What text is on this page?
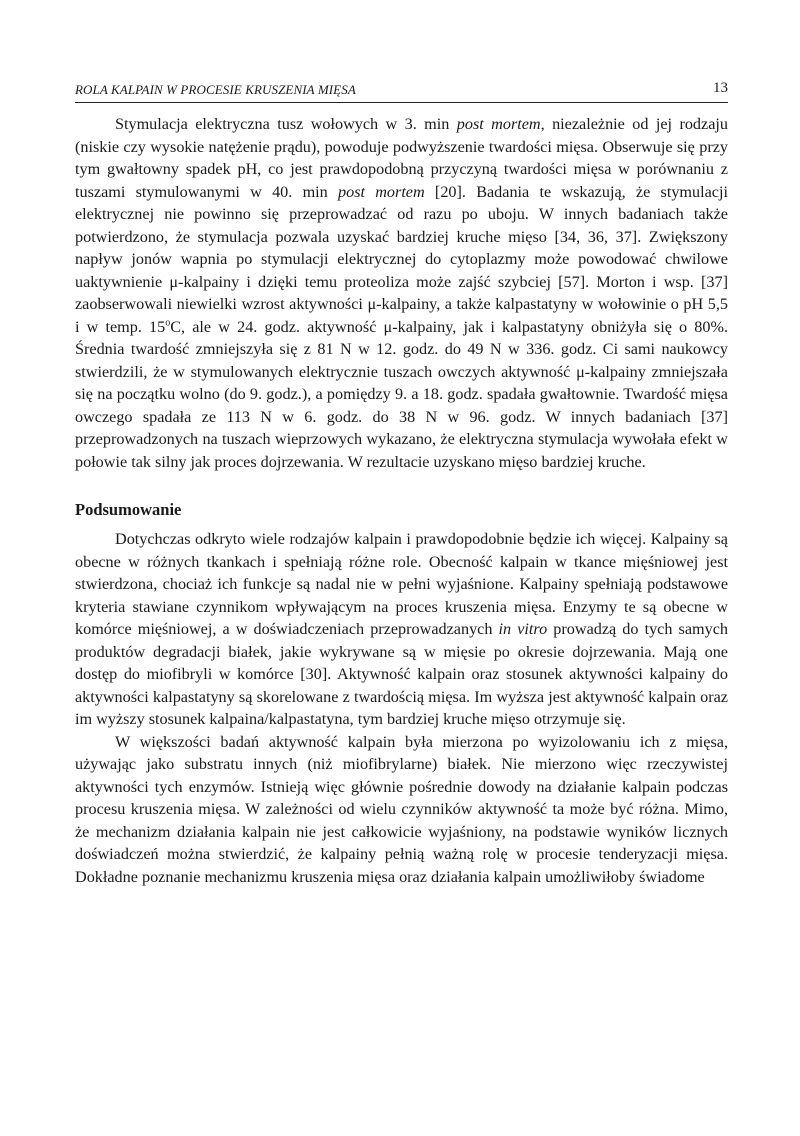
ROLA KALPAIN W PROCESIE KRUSZENIA MIĘSA	13

Stymulacja elektryczna tusz wołowych w 3. min post mortem, niezależnie od jej rodzaju (niskie czy wysokie natężenie prądu), powoduje podwyższenie twardości mięsa. Obserwuje się przy tym gwałtowny spadek pH, co jest prawdopodobną przyczyną twardości mięsa w porównaniu z tuszami stymulowanymi w 40. min post mortem [20]. Badania te wskazują, że stymulacji elektrycznej nie powinno się przeprowadzać od razu po uboju. W innych badaniach także potwierdzono, że stymulacja pozwala uzyskać bardziej kruche mięso [34, 36, 37]. Zwiększony napływ jonów wapnia po stymulacji elektrycznej do cytoplazmy może powodować chwilowe uaktywnienie μ-kalpainy i dzięki temu proteoliza może zajść szybciej [57]. Morton i wsp. [37] zaobserwowali niewielki wzrost aktywności μ-kalpainy, a także kalpastatyny w wołowinie o pH 5,5 i w temp. 15$^o$C, ale w 24. godz. aktywność μ-kalpainy, jak i kalpastatyny obniżyła się o 80%. Średnia twardość zmniejszyła się z 81 N w 12. godz. do 49 N w 336. godz. Ci sami naukowcy stwierdzili, że w stymulowanych elektrycznie tuszach owczych aktywność μ-kalpainy zmniejszała się na początku wolno (do 9. godz.), a pomiędzy 9. a 18. godz. spadała gwałtownie. Twardość mięsa owczego spadała ze 113 N w 6. godz. do 38 N w 96. godz. W innych badaniach [37] przeprowadzonych na tuszach wieprzowych wykazano, że elektryczna stymulacja wywołała efekt w połowie tak silny jak proces dojrzewania. W rezultacie uzyskano mięso bardziej kruche.

Podsumowanie

Dotychczas odkryto wiele rodzajów kalpain i prawdopodobnie będzie ich więcej. Kalpainy są obecne w różnych tkankach i spełniają różne role. Obecność kalpain w tkance mięśniowej jest stwierdzona, chociaż ich funkcje są nadal nie w pełni wyjaśnione. Kalpainy spełniają podstawowe kryteria stawiane czynnikom wpływającym na proces kruszenia mięsa. Enzymy te są obecne w komórce mięśniowej, a w doświadczeniach przeprowadzanych in vitro prowadzą do tych samych produktów degradacji białek, jakie wykrywane są w mięsie po okresie dojrzewania. Mają one dostęp do miofibryli w komórce [30]. Aktywność kalpain oraz stosunek aktywności kalpainy do aktywności kalpastatyny są skorelowane z twardością mięsa. Im wyższa jest aktywność kalpain oraz im wyższy stosunek kalpaina/kalpastatyna, tym bardziej kruche mięso otrzymuje się.

W większości badań aktywność kalpain była mierzona po wyizolowaniu ich z mięsa, używając jako substratu innych (niż miofibrylarne) białek. Nie mierzono więc rzeczywistej aktywności tych enzymów. Istnieją więc głównie pośrednie dowody na działanie kalpain podczas procesu kruszenia mięsa. W zależności od wielu czynników aktywność ta może być różna. Mimo, że mechanizm działania kalpain nie jest całkowicie wyjaśniony, na podstawie wyników licznych doświadczeń można stwierdzić, że kalpainy pełnią ważną rolę w procesie tenderyzacji mięsa. Dokładne poznanie mechanizmu kruszenia mięsa oraz działania kalpain umożliwiłoby świadome
